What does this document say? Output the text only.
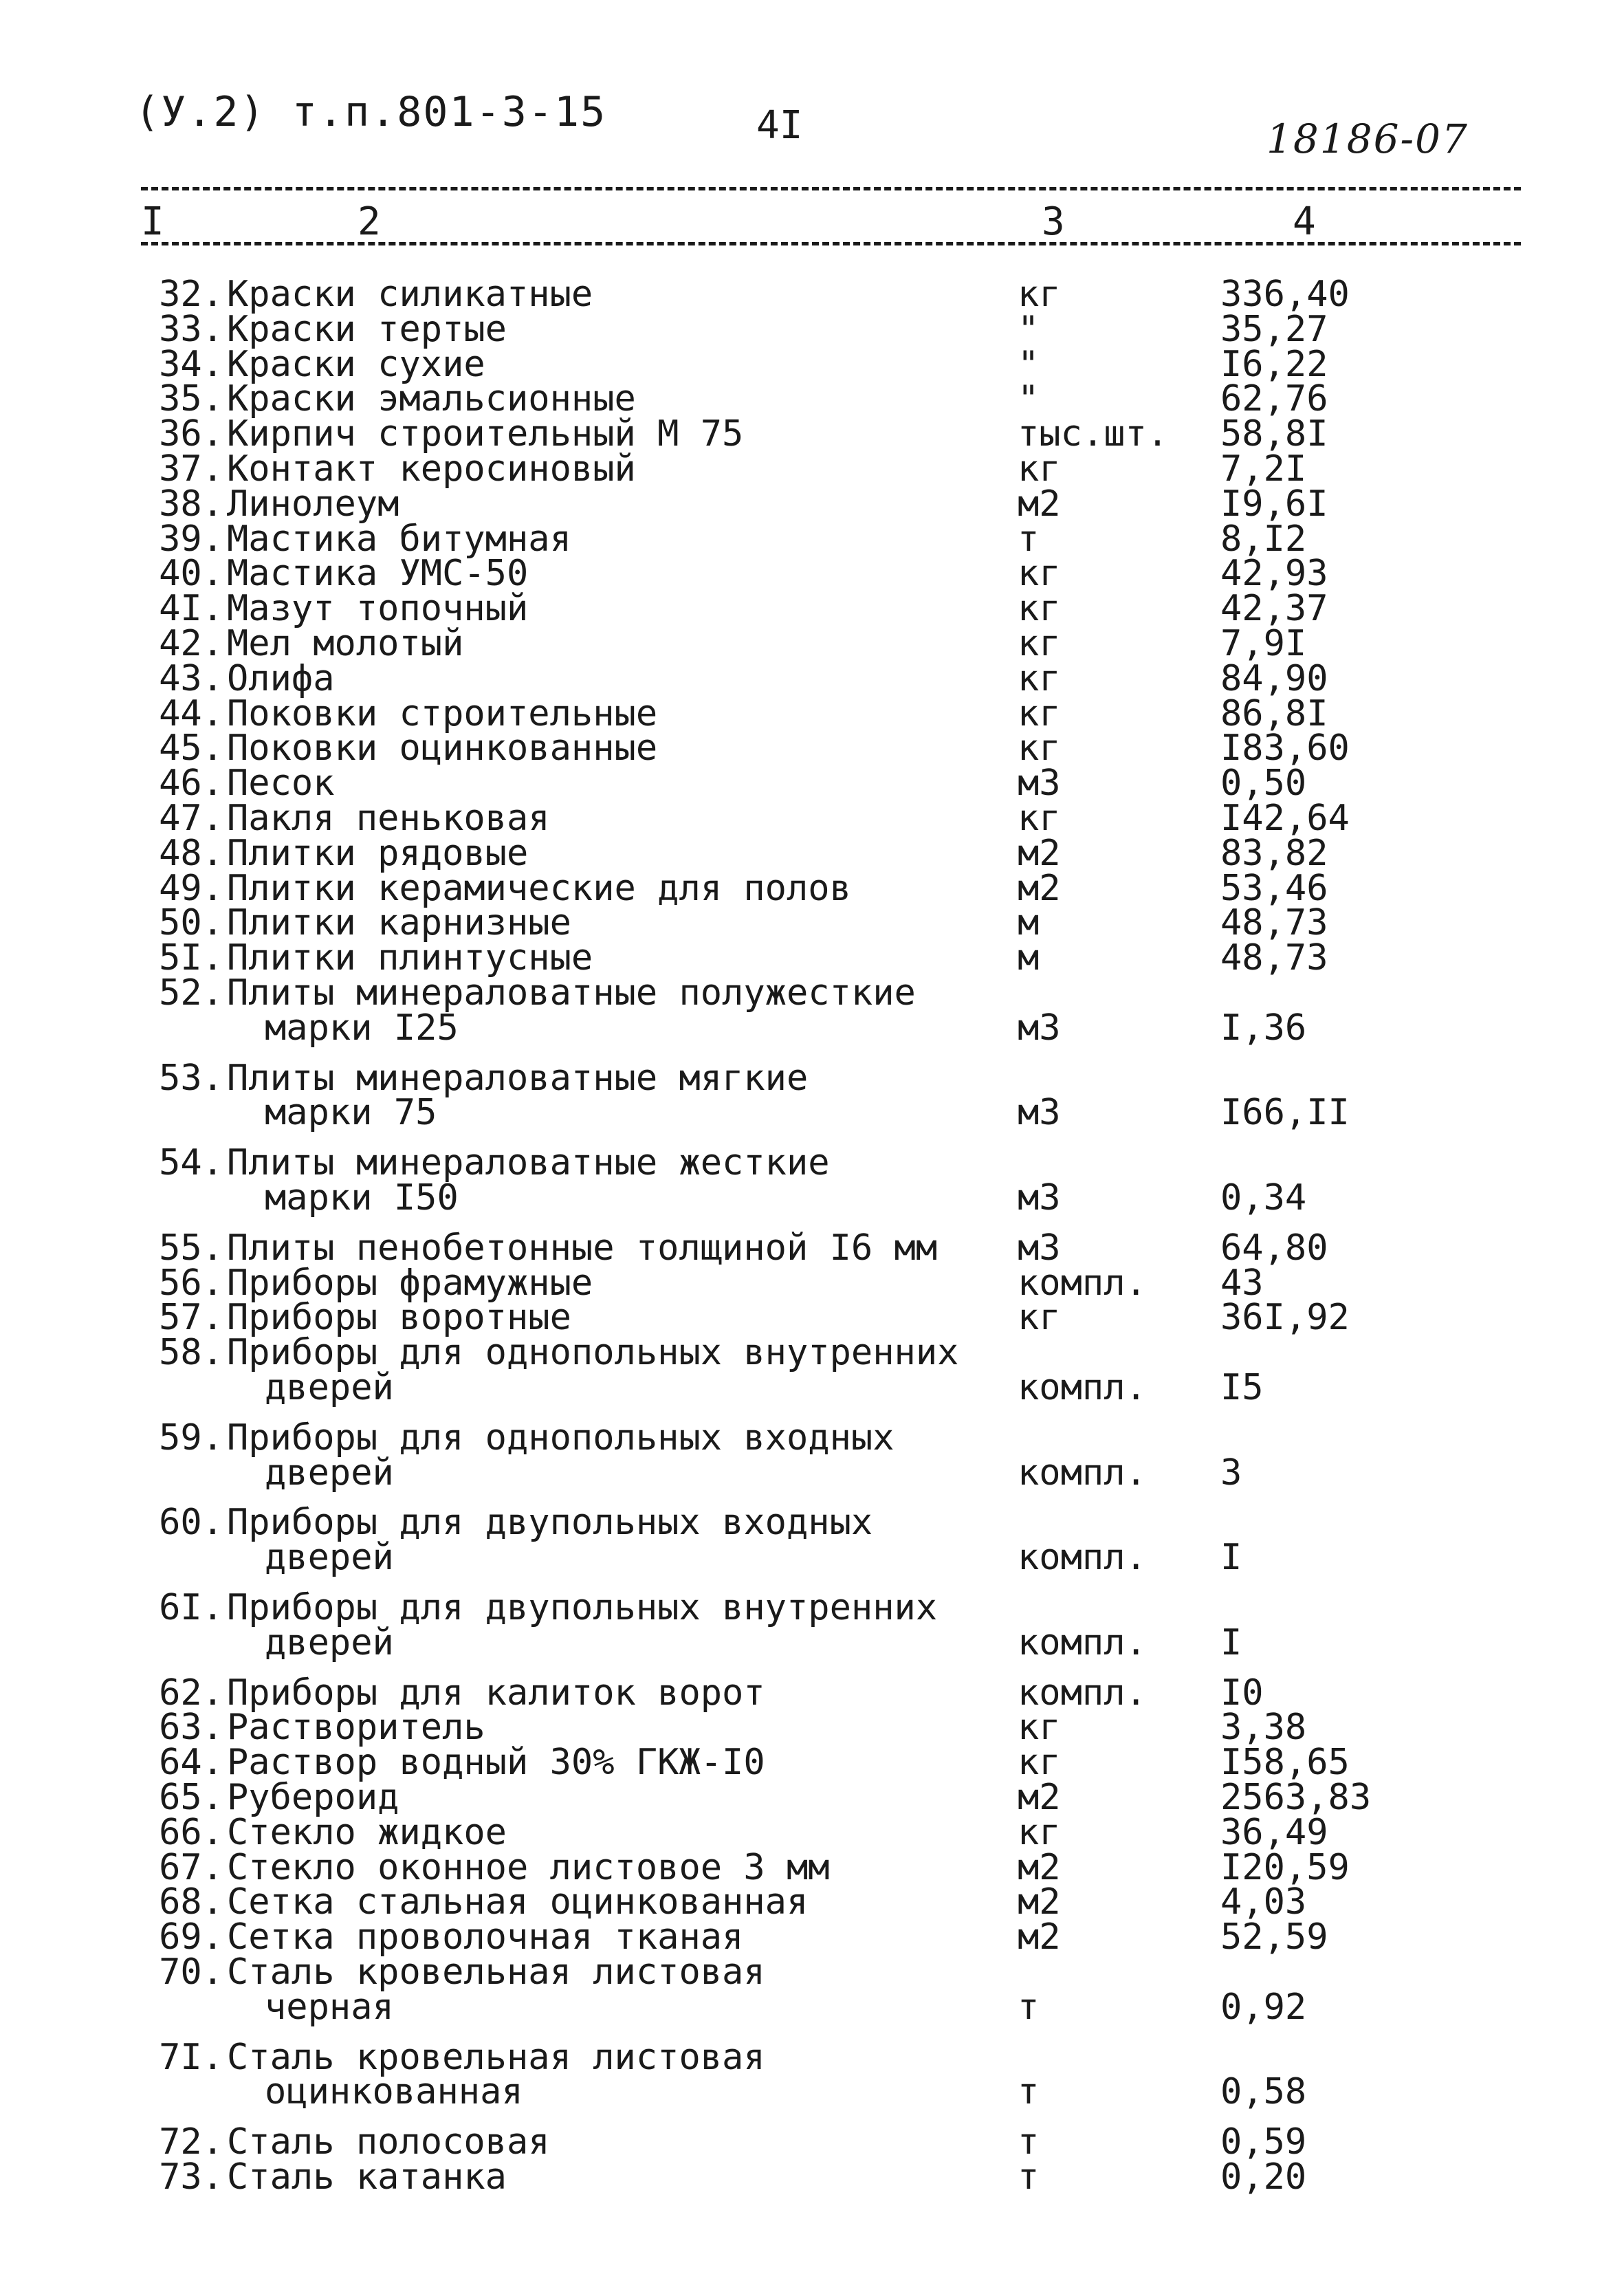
(У.2) т.п.801-3-15	4I	18186-07
I	2	3	4
32. Краски силикатные	кг	336,40
33. Краски тертые	"	35,27
34. Краски сухие	"	I6,22
35. Краски эмальсионные	"	62,76
36. Кирпич строительный М 75	тыс.шт. 58,8I
37. Контакт керосиновый	кг	7,2I
38. Линолеум	м2	I9,6I
39. Мастика битумная	т	8,I2
40. Мастика УМС-50	кг	42,93
4I. Мазут топочный	кг	42,37
42. Мел молотый	кг	7,9I
43. Олифа	кг	84,90
44. Поковки строительные	кг	86,8I
45. Поковки оцинкованные	кг	I83,60
46. Песок	м3	0,50
47. Пакля пеньковая	кг	I42,64
48. Плитки рядовые	м2	83,82
49. Плитки керамические для полов	м2	53,46
50. Плитки карнизные	м	48,73
5I. Плитки плинтусные	м	48,73
52. Плиты минераловатные полужесткие
марки I25	м3	I,36
53. Плиты минераловатные мягкие
марки 75	м3	I66,II
54. Плиты минераловатные жесткие
марки I50	м3	0,34
55. Плиты пенобетонные толщиной I6 мм м3	64,80
56. Приборы фрамужные	компл. 43
57. Приборы воротные	кг	36I,92
58. Приборы для однопольных внутренних
дверей	компл. I5
59. Приборы для однопольных входных
дверей	компл. 3
60. Приборы для двупольных входных
дверей	компл. I
6I. Приборы для двупольных внутренних
дверей	компл. I
62. Приборы для калиток ворот	компл. I0
63. Растворитель	кг	3,38
64. Раствор водный 30% ГКЖ-I0	кг	I58,65
65. Рубероид	м2	2563,83
66. Стекло жидкое	кг	36,49
67. Стекло оконное листовое 3 мм	м2	I20,59
68. Сетка стальная оцинкованная	м2	4,03
69. Сетка проволочная тканая	м2	52,59
70. Сталь кровельная листовая
черная	т	0,92
7I. Сталь кровельная листовая
оцинкованная	т	0,58
72. Сталь полосовая	т	0,59
73. Сталь катанка	т	0,20
